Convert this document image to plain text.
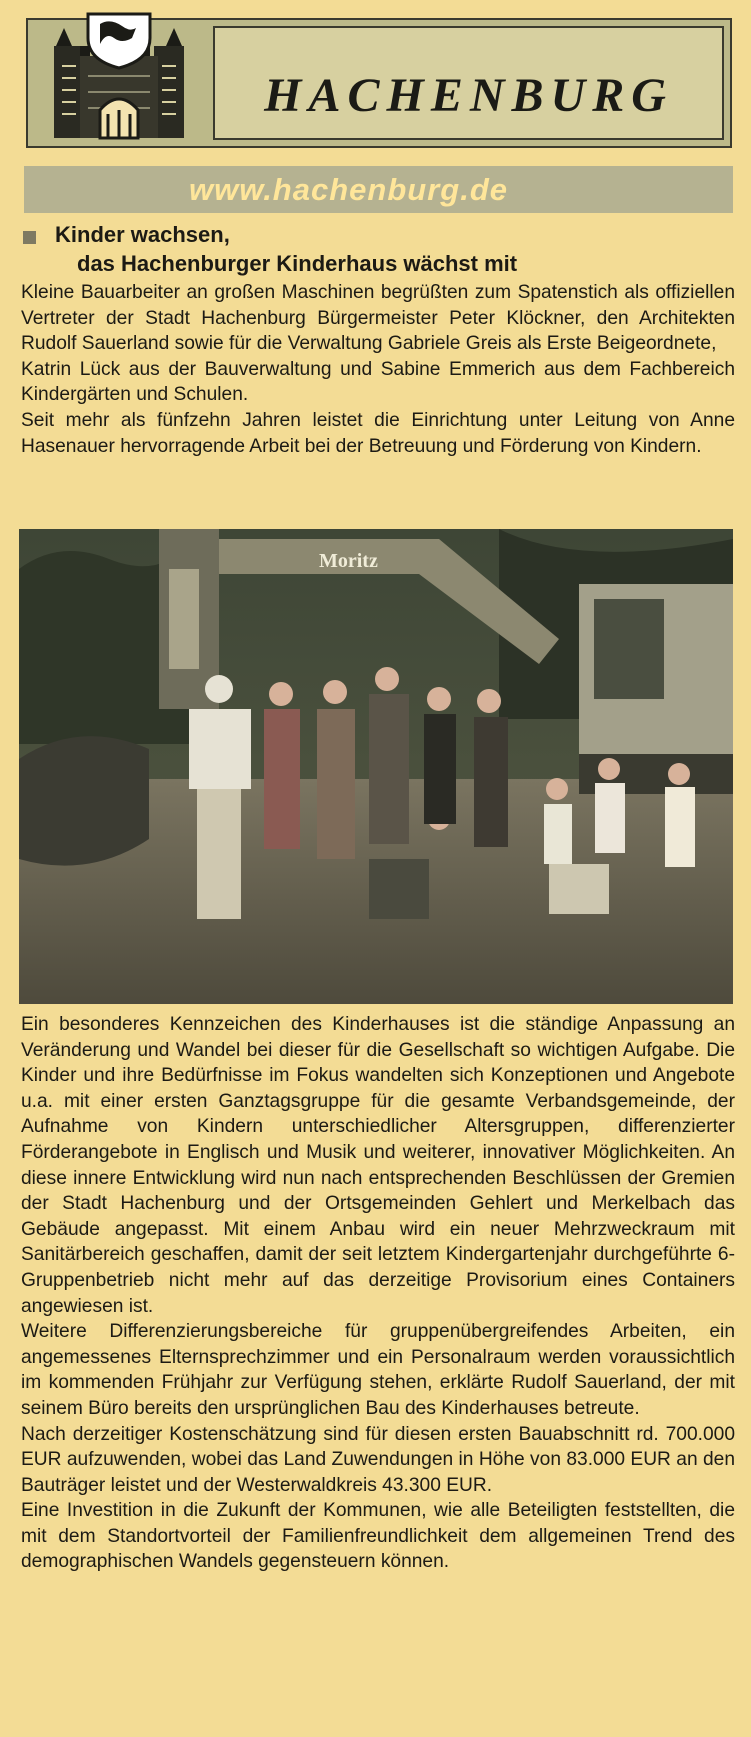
HACHENBURG
www.hachenburg.de
Kinder wachsen,
das Hachenburger Kinderhaus wächst mit

Kleine Bauarbeiter an großen Maschinen begrüßten zum Spatenstich als offiziellen Vertreter der Stadt Hachenburg Bürgermeister Peter Klöckner, den Architekten Rudolf Sauerland sowie für die Verwaltung Gabriele Greis als Erste Beigeordnete,

Katrin Lück aus der Bauverwaltung und Sabine Emmerich aus dem Fachbereich Kindergärten und Schulen.

Seit mehr als fünfzehn Jahren leistet die Einrichtung unter Leitung von Anne Hasenauer hervorragende Arbeit bei der Betreuung und Förderung von Kindern.

Moritz

Ein besonderes Kennzeichen des Kinderhauses ist die ständige Anpassung an Veränderung und Wandel bei dieser für die Gesellschaft so wichtigen Aufgabe. Die Kinder und ihre Bedürfnisse im Fokus wandelten sich Konzeptionen und Angebote u.a. mit einer ersten Ganztagsgruppe für die gesamte Verbandsgemeinde, der Aufnahme von Kindern unterschiedlicher Altersgruppen, differenzierter Förderangebote in Englisch und Musik und weiterer, innovativer Möglichkeiten. An diese innere Entwicklung wird nun nach entsprechenden Beschlüssen der Gremien der Stadt Hachenburg und der Ortsgemeinden Gehlert und Merkelbach das Gebäude angepasst. Mit einem Anbau wird ein neuer Mehrzweckraum mit Sanitärbereich geschaffen, damit der seit letztem Kindergartenjahr durchgeführte 6-Gruppenbetrieb nicht mehr auf das derzeitige Provisorium eines Containers angewiesen ist.

Weitere Differenzierungsbereiche für gruppenübergreifendes Arbeiten, ein angemessenes Elternsprechzimmer und ein Personalraum werden voraussichtlich im kommenden Frühjahr zur Verfügung stehen, erklärte Rudolf Sauerland, der mit seinem Büro bereits den ursprünglichen Bau des Kinderhauses betreute.

Nach derzeitiger Kostenschätzung sind für diesen ersten Bauabschnitt rd. 700.000 EUR aufzuwenden, wobei das Land Zuwendungen in Höhe von 83.000 EUR an den Bauträger leistet und der Westerwaldkreis 43.300 EUR.

Eine Investition in die Zukunft der Kommunen, wie alle Beteiligten feststellten, die mit dem Standortvorteil der Familienfreundlichkeit dem allgemeinen Trend des demographischen Wandels gegensteuern können.
